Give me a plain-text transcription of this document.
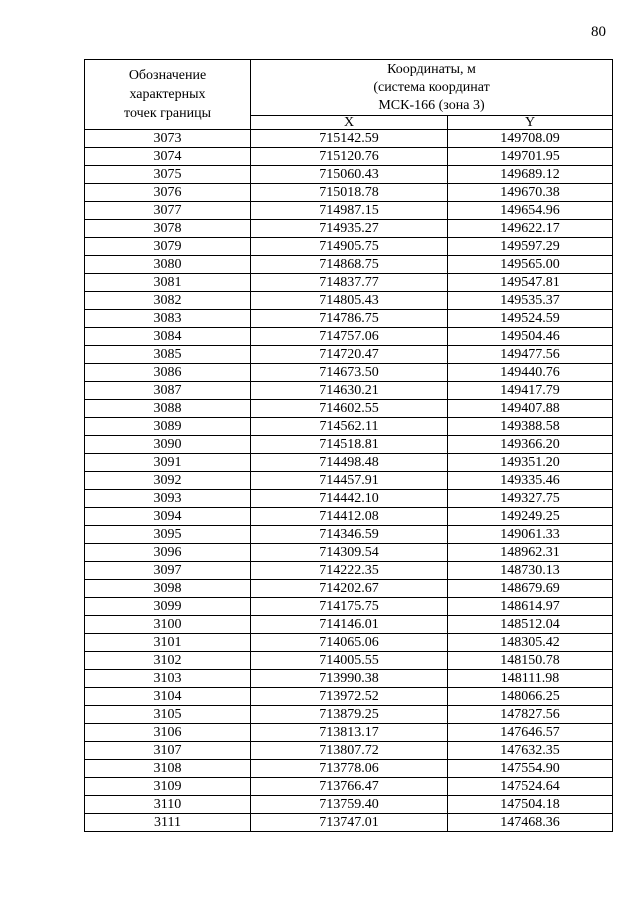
80
Обозначение
характерных
точек границы	Координаты, м
(система координат
МСК-166 (зона 3)	
	X	Y
3073	715142.59	149708.09
3074	715120.76	149701.95
3075	715060.43	149689.12
3076	715018.78	149670.38
3077	714987.15	149654.96
3078	714935.27	149622.17
3079	714905.75	149597.29
3080	714868.75	149565.00
3081	714837.77	149547.81
3082	714805.43	149535.37
3083	714786.75	149524.59
3084	714757.06	149504.46
3085	714720.47	149477.56
3086	714673.50	149440.76
3087	714630.21	149417.79
3088	714602.55	149407.88
3089	714562.11	149388.58
3090	714518.81	149366.20
3091	714498.48	149351.20
3092	714457.91	149335.46
3093	714442.10	149327.75
3094	714412.08	149249.25
3095	714346.59	149061.33
3096	714309.54	148962.31
3097	714222.35	148730.13
3098	714202.67	148679.69
3099	714175.75	148614.97
3100	714146.01	148512.04
3101	714065.06	148305.42
3102	714005.55	148150.78
3103	713990.38	148111.98
3104	713972.52	148066.25
3105	713879.25	147827.56
3106	713813.17	147646.57
3107	713807.72	147632.35
3108	713778.06	147554.90
3109	713766.47	147524.64
3110	713759.40	147504.18
3111	713747.01	147468.36
